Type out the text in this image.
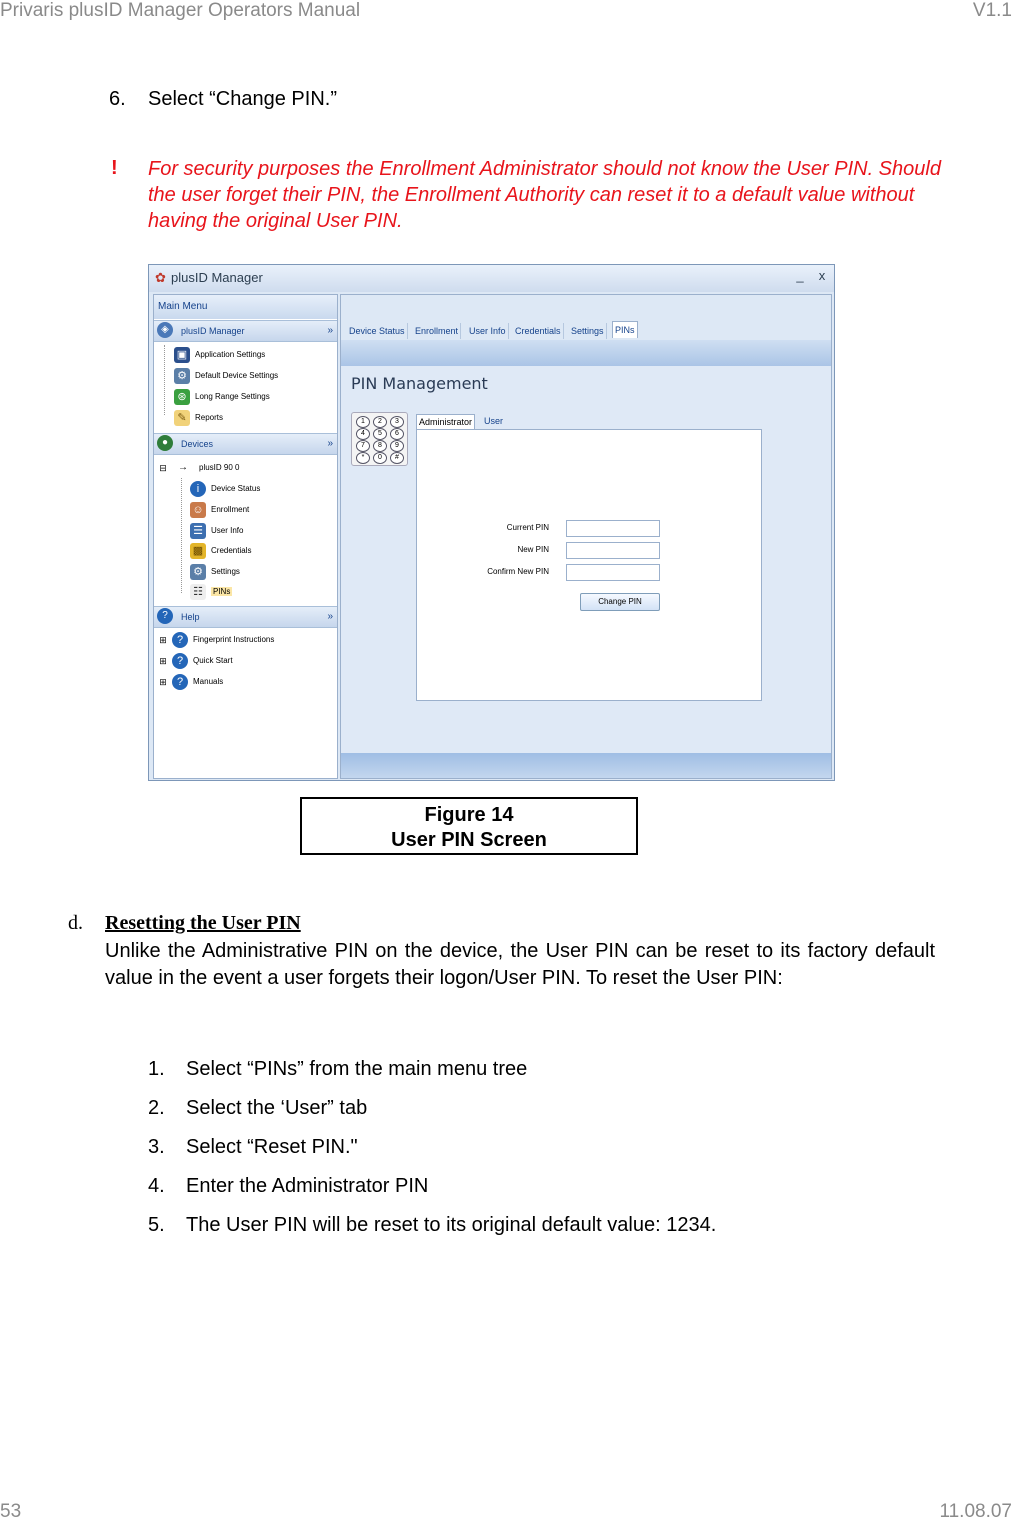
Privaris plusID Manager Operators Manual	V1.1
53	11.08.07
6. Select “Change PIN.”
! For security purposes the Enrollment Administrator should not know the User PIN. Should the user forget their PIN, the Enrollment Authority can reset it to a default value without having the original User PIN.
✿ plusID Manager	_	x
Main Menu
◈	plusID Manager	»
▣ Application Settings
⚙ Default Device Settings
⊛ Long Range Settings
✎ Reports
●	Devices	»
⊟ → plusID 90 0
i Device Status
☺ Enrollment
☰ User Info
▩ Credentials
⚙ Settings
☷ PINs
?	Help	»
⊞ ? Fingerprint Instructions
⊞ ? Quick Start
⊞ ? Manuals
Device Status	Enrollment	User Info	Credentials	Settings	PINs
PIN Management
1	2	3
4	5	6
7	8	9
*	0	#
Administrator	User
Current PIN
New PIN
Confirm New PIN
Change PIN
Figure 14
User PIN Screen
d. Resetting the User PIN
Unlike the Administrative PIN on the device, the User PIN can be reset to its factory default value in the event a user forgets their logon/User PIN. To reset the User PIN:
1. Select “PINs” from the main menu tree
2. Select the ‘User” tab
3. Select “Reset PIN."
4. Enter the Administrator PIN
5. The User PIN will be reset to its original default value: 1234.
